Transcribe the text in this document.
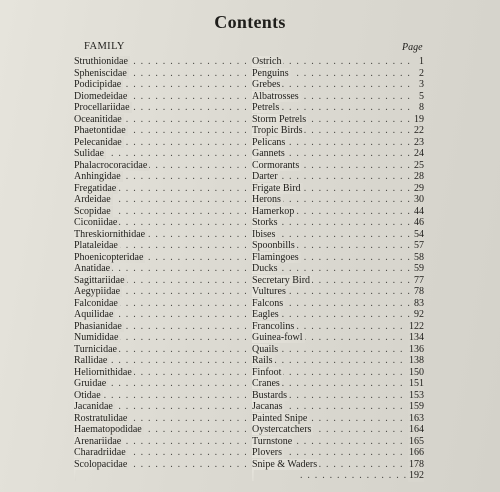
Contents
FAMILY	Page
. . .
Struthionidae . . .	Ostrich	1
. . .
Spheniscidae . . .	Penguins	2
. . .
Podicipidae . . .	Grebes	3
. . .
Diomedeidae . . .	Albatrosses	5
. . .
Procellariidae . . .	Petrels	8
. . .
Oceanitidae . . .	Storm Petrels	19
. . .
Phaetontidae . . .	Tropic Birds	22
. . .
Pelecanidae . . .	Pelicans	23
. . .
Sulidae . . .	Gannets	24
. . .
Phalacrocoracidae . . .	Cormorants	25
. . .
Anhingidae . . .	Darter	28
. . .
Fregatidae . . .	Frigate Bird	29
. . .
Ardeidae . . .	Herons	30
. . .
Scopidae . . .	Hamerkop	44
. . .
Ciconiidae . . .	Storks	46
. . .
Threskiornithidae . . .	Ibises	54
. . .
Plataleidae . . .	Spoonbills	57
. . .
Phoenicopteridae . . .	Flamingoes	58
. . .
Anatidae . . .	Ducks	59
. . .
Sagittariidae . . .	Secretary Bird	77
. . .
Aegypiidae . . .	Vultures	78
. . .
Falconidae . . .	Falcons	83
. . .
Aquilidae . . .	Eagles	92
. . .
Phasianidae . . .	Francolins	122
. . .
Numididae . . .	Guinea-fowl	134
. . .
Turnicidae . . .	Quails	136
. . .
Rallidae . . .	Rails	138
. . .
Heliornithidae . . .	Finfoot	150
. . .
Gruidae . . .	Cranes	151
. . .
Otidae . . .	Bustards	153
. . .
Jacanidae . . .	Jacanas	159
. . .
Rostratulidae . . .	Painted Snipe	163
. . .
Haematopodidae . . .	Oystercatchers	164
. . .
Arenariidae . . .	Turnstone	165
. . .
Charadriidae . . .	Plovers	166
. . .
Scolopacidae . . .	Snipe & Waders	178
. . .
192
